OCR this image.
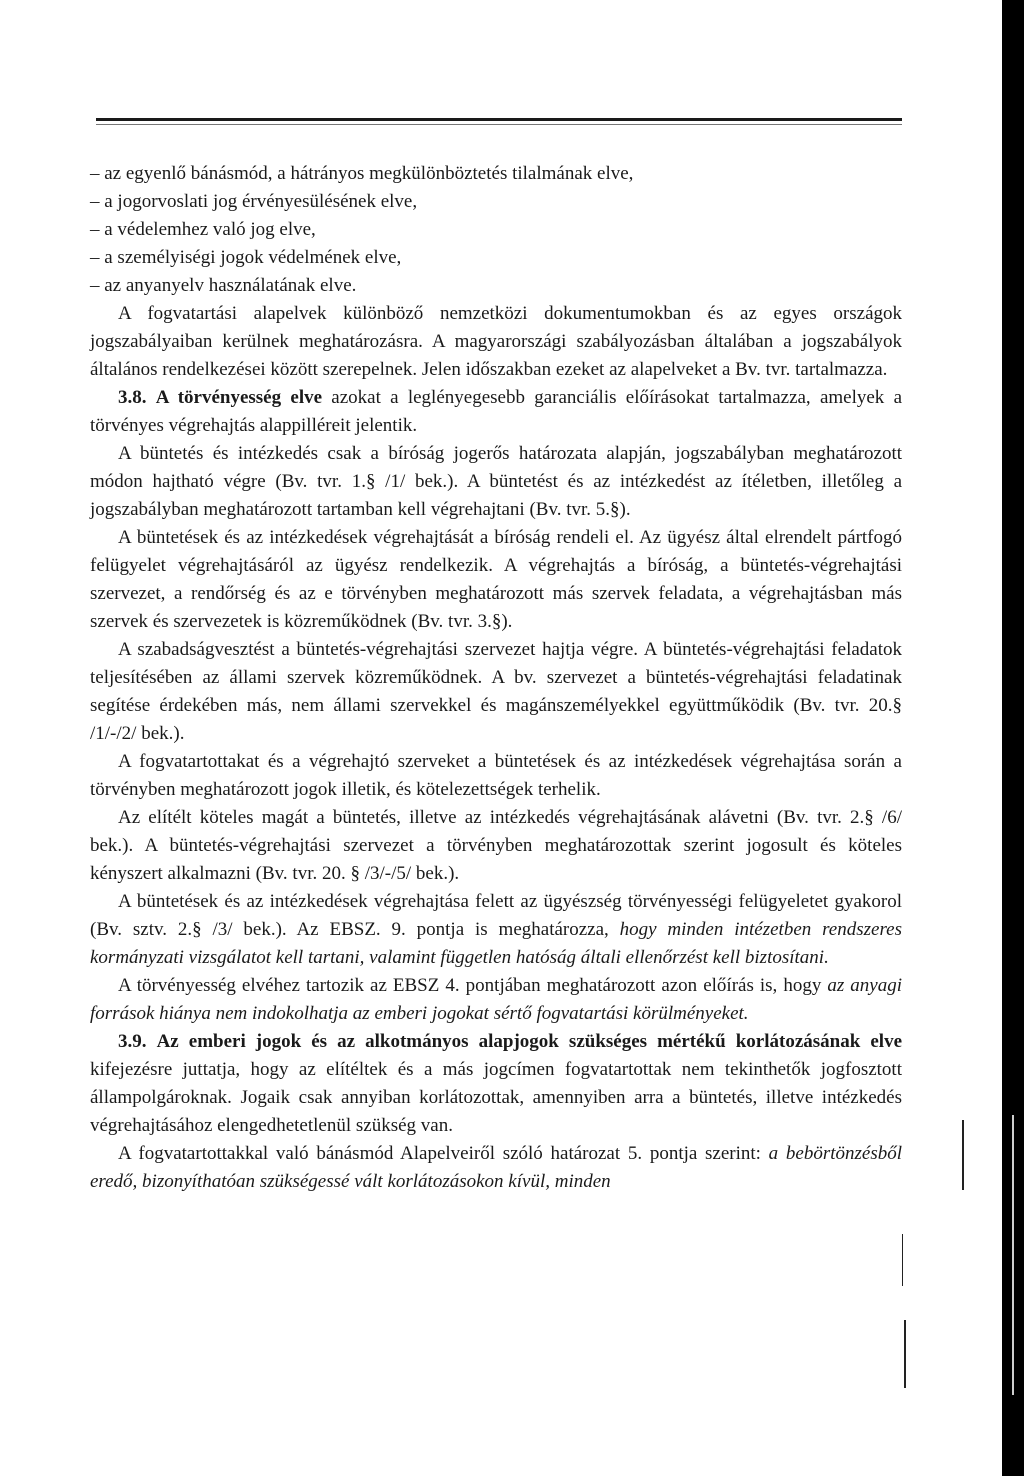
– az egyenlő bánásmód, a hátrányos megkülönböztetés tilalmának elve,

– a jogorvoslati jog érvényesülésének elve,

– a védelemhez való jog elve,

– a személyiségi jogok védelmének elve,

– az anyanyelv használatának elve.

A fogvatartási alapelvek különböző nemzetközi dokumentumokban és az egyes országok jogszabályaiban kerülnek meghatározásra. A magyarországi szabályozásban általában a jogszabályok általános rendelkezései között szerepelnek. Jelen időszakban ezeket az alapelveket a Bv. tvr. tartalmazza.

3.8. A törvényesség elve azokat a leglényegesebb garanciális előírásokat tartalmazza, amelyek a törvényes végrehajtás alappilléreit jelentik.

A büntetés és intézkedés csak a bíróság jogerős határozata alapján, jogszabályban meghatározott módon hajtható végre (Bv. tvr. 1.§ /1/ bek.). A büntetést és az intézkedést az ítéletben, illetőleg a jogszabályban meghatározott tartamban kell végrehajtani (Bv. tvr. 5.§).

A büntetések és az intézkedések végrehajtását a bíróság rendeli el. Az ügyész által elrendelt pártfogó felügyelet végrehajtásáról az ügyész rendelkezik. A végrehajtás a bíróság, a büntetés-végrehajtási szervezet, a rendőrség és az e törvényben meghatározott más szervek feladata, a végrehajtásban más szervek és szervezetek is közreműködnek (Bv. tvr. 3.§).

A szabadságvesztést a büntetés-végrehajtási szervezet hajtja végre. A büntetés-végrehajtási feladatok teljesítésében az állami szervek közreműködnek. A bv. szervezet a büntetés-végrehajtási feladatinak segítése érdekében más, nem állami szervekkel és magánszemélyekkel együttműködik (Bv. tvr. 20.§ /1/-/2/ bek.).

A fogvatartottakat és a végrehajtó szerveket a büntetések és az intézkedések végrehajtása során a törvényben meghatározott jogok illetik, és kötelezettségek terhelik.

Az elítélt köteles magát a büntetés, illetve az intézkedés végrehajtásának alávetni (Bv. tvr. 2.§ /6/ bek.). A büntetés-végrehajtási szervezet a törvényben meghatározottak szerint jogosult és köteles kényszert alkalmazni (Bv. tvr. 20. § /3/-/5/ bek.).

A büntetések és az intézkedések végrehajtása felett az ügyészség törvényességi felügyeletet gyakorol (Bv. sztv. 2.§ /3/ bek.). Az EBSZ. 9. pontja is meghatározza, hogy minden intézetben rendszeres kormányzati vizsgálatot kell tartani, valamint független hatóság általi ellenőrzést kell biztosítani.

A törvényesség elvéhez tartozik az EBSZ 4. pontjában meghatározott azon előírás is, hogy az anyagi források hiánya nem indokolhatja az emberi jogokat sértő fogvatartási körülményeket.

3.9. Az emberi jogok és az alkotmányos alapjogok szükséges mértékű korlátozásának elve kifejezésre juttatja, hogy az elítéltek és a más jogcímen fogvatartottak nem tekinthetők jogfosztott állampolgároknak. Jogaik csak annyiban korlátozottak, amennyiben arra a büntetés, illetve intézkedés végrehajtásához elengedhetetlenül szükség van.

A fogvatartottakkal való bánásmód Alapelveiről szóló határozat 5. pontja szerint: a bebörtönzésből eredő, bizonyíthatóan szükségessé vált korlátozásokon kívül, minden
